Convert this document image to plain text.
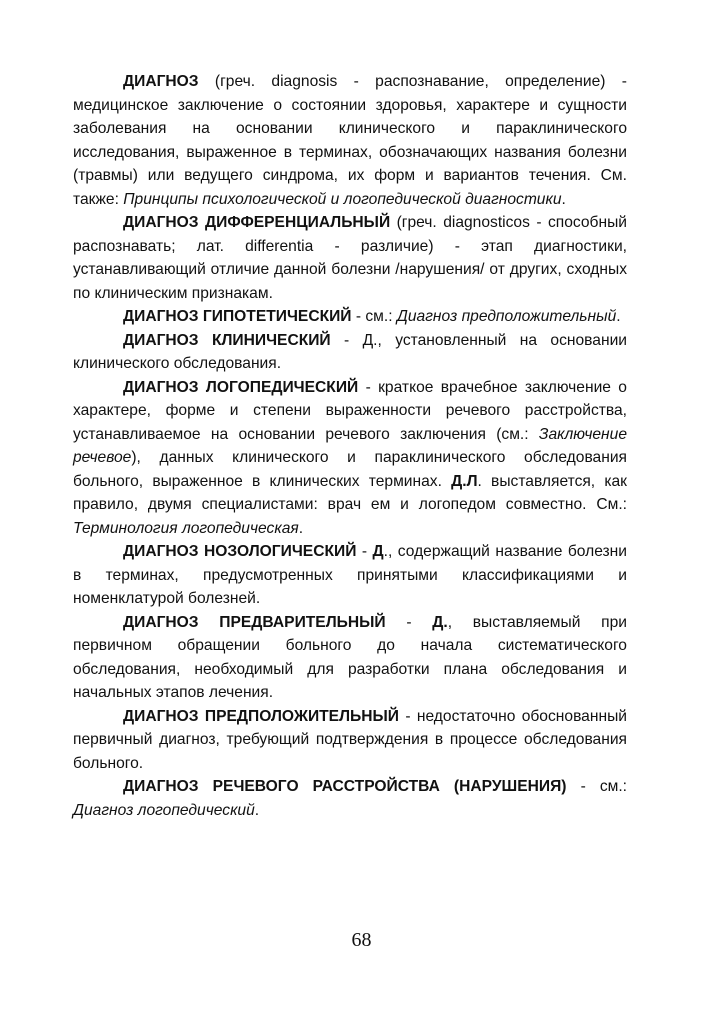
ДИАГНОЗ (греч. diagnosis - распознавание, определение) - медицинское заключение о состоянии здоровья, характере и сущности заболевания на основании клинического и параклинического исследования, выраженное в терминах, обозначающих названия болезни (травмы) или ведущего синдрома, их форм и вариантов течения. См. также: Принципы психологической и логопедической диагностики.

ДИАГНОЗ ДИФФЕРЕНЦИАЛЬНЫЙ (греч. diagnosticos - способный распознавать; лат. differentia - различие) - этап диагностики, устанавливающий отличие данной болезни /нарушения/ от других, сходных по клиническим признакам.

ДИАГНОЗ ГИПОТЕТИЧЕСКИЙ - см.: Диагноз предположительный.

ДИАГНОЗ КЛИНИЧЕСКИЙ - Д., установленный на основании клинического обследования.

ДИАГНОЗ ЛОГОПЕДИЧЕСКИЙ - краткое врачебное заключение о характере, форме и степени выраженности речевого расстройства, устанавливаемое на основании речевого заключения (см.: Заключение речевое), данных клинического и параклинического обследования больного, выраженное в клинических терминах. Д.Л. выставляется, как правило, двумя специалистами: врач ем и логопедом совместно. См.: Терминология логопедическая.

ДИАГНОЗ НОЗОЛОГИЧЕСКИЙ - Д., содержащий название болезни в терминах, предусмотренных принятыми классификациями и номенклатурой болезней.

ДИАГНОЗ ПРЕДВАРИТЕЛЬНЫЙ - Д., выставляемый при первичном обращении больного до начала систематического обследования, необходимый для разработки плана обследования и начальных этапов лечения.

ДИАГНОЗ ПРЕДПОЛОЖИТЕЛЬНЫЙ - недостаточно обоснованный первичный диагноз, требующий подтверждения в процессе обследования больного.

ДИАГНОЗ РЕЧЕВОГО РАССТРОЙСТВА (НАРУШЕНИЯ) - см.: Диагноз логопедический.

68
